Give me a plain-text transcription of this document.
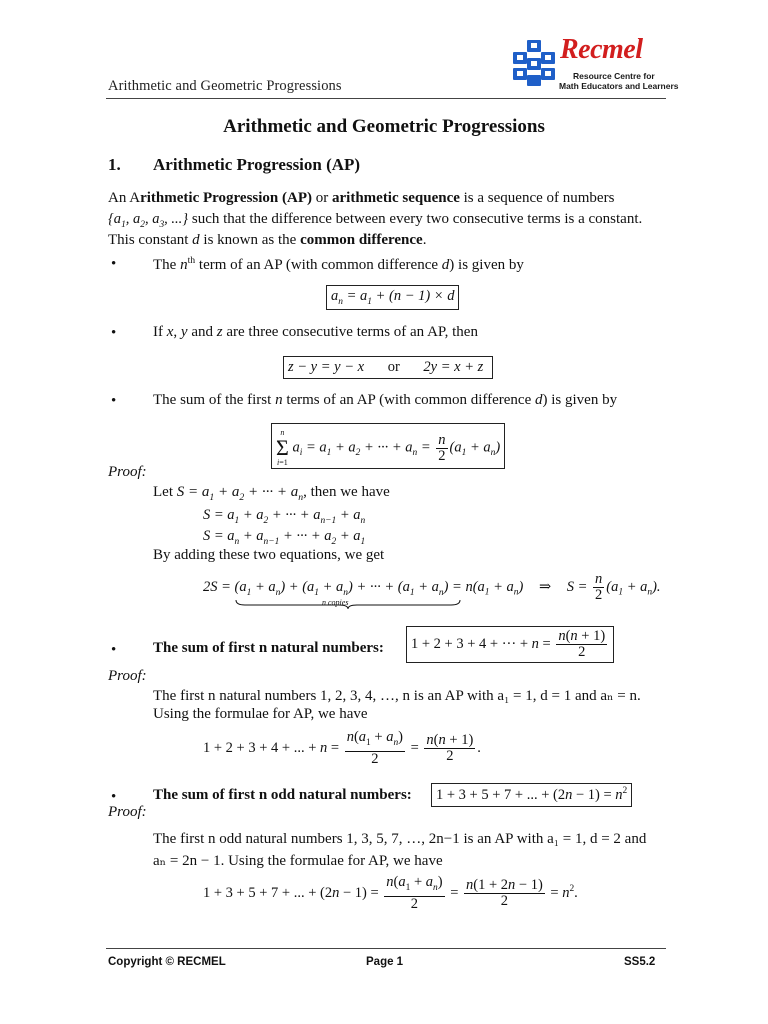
Arithmetic and Geometric Progressions
Recmel
Resource Centre for
Math Educators and Learners
Arithmetic and Geometric Progressions
1. Arithmetic Progression (AP)
An Arithmetic Progression (AP) or arithmetic sequence is a sequence of numbers
{$a_1$, $a_2$, $a_3$, ...} such that the difference between every two consecutive terms is a constant.
This constant d is known as the common difference.
• The $n^{th}$ term of an AP (with common difference d) is given by
$a_n = a_1 + (n - 1) \times d$
• If x, y and z are three consecutive terms of an AP, then
z − y = y − x or 2y = x + z
• The sum of the first n terms of an AP (with common difference d) is given by
n
Σ
i=1
$a_i = a_1 + a_2$ + ··· + $a_n = \frac{n}{2} (a_1 + a_n)$
Proof:
Let $S = a_1 + a_2$ + ··· + $a_n$, then we have
$S = a_1 + a_2$ + ··· + $a_{n-1} + a_n$
$S = a_n + a_{n-1}$ + ··· + $a_2 + a_1$
By adding these two equations, we get
$2S = (a_1 + a_n) + (a_1 + a_n)$ + ··· + $(a_1 + a_n)$
= $n(a_1 + a_n)$ ⇒ $S = \frac{n}{2} (a_1 + a_n)$.
n copies
• The sum of first n natural numbers:	1 + 2 + 3 + 4 + ··· + $n = \frac{n(n + 1)}{2}$
Proof:
The first n natural numbers 1, 2, 3, 4, …, n is an AP with a₁ = 1, d = 1 and aₙ = n.
Using the formulae for AP, we have
1 + 2 + 3 + 4 + ... + $n = \frac{n(a_1 + a_n)}{2} = \frac{n(n + 1)}{2}$ .
• The sum of first n odd natural numbers:	1 + 3 + 5 + 7 + ... + $(2n - 1) = n^2$
Proof:
The first n odd natural numbers 1, 3, 5, 7, …, 2n−1 is an AP with a₁ = 1, d = 2 and
aₙ = 2n − 1. Using the formulae for AP, we have
1 + 3 + 5 + 7 + ... + $(2n - 1) = \frac{n(a_1 + a_n)}{2} = \frac{n(1 + 2n - 1)}{2} = n^2$.
Copyright © RECMEL	Page 1	SS5.2
